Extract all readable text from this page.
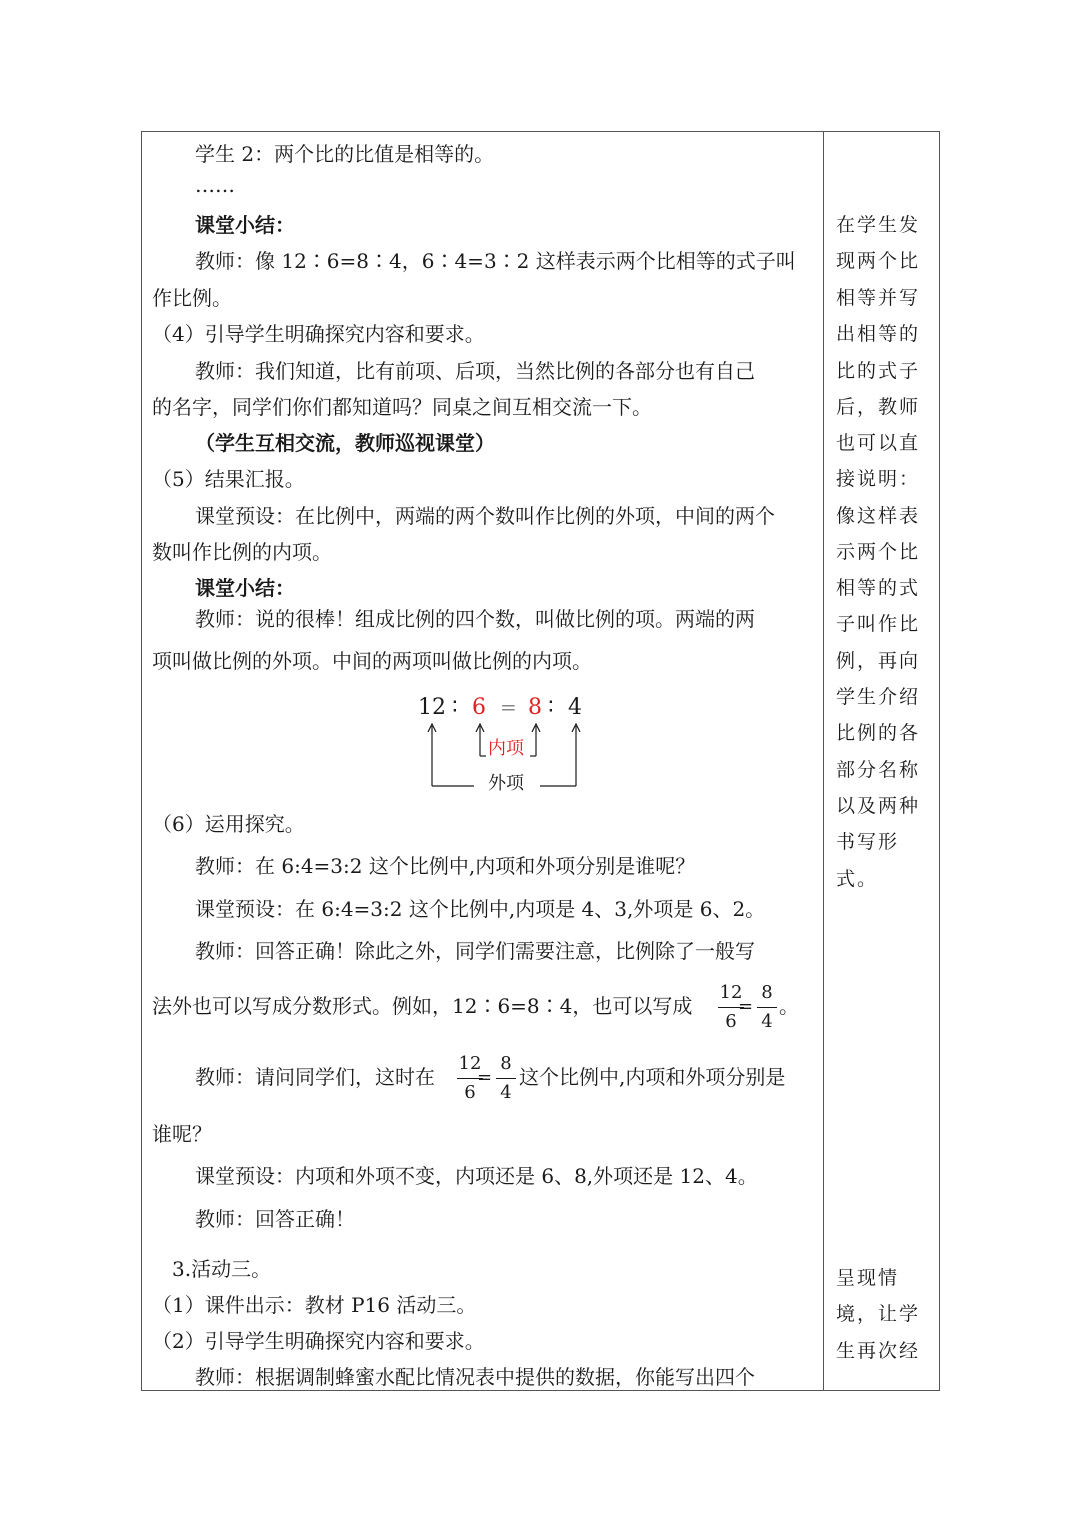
学生 2：两个比的比值是相等的。
……
课堂小结：
教师：像 12∶6=8∶4，6∶4=3∶2 这样表示两个比相等的式子叫
作比例。
（4）引导学生明确探究内容和要求。
教师：我们知道，比有前项、后项，当然比例的各部分也有自己
的名字，同学们你们都知道吗？同桌之间互相交流一下。
（学生互相交流，教师巡视课堂）
（5）结果汇报。
课堂预设：在比例中，两端的两个数叫作比例的外项，中间的两个
数叫作比例的内项。
课堂小结：
教师：说的很棒！组成比例的四个数，叫做比例的项。两端的两
项叫做比例的外项。中间的两项叫做比例的内项。
12 ∶ 6 = 8 ∶ 4
内项
外项
（6）运用探究。
教师：在 6:4=3:2 这个比例中,内项和外项分别是谁呢？
课堂预设：在 6:4=3:2 这个比例中,内项是 4、3,外项是 6、2。
教师：回答正确！除此之外，同学们需要注意，比例除了一般写
法外也可以写成分数形式。例如，12∶6=8∶4，也可以写成
12
6
=
8
4
。
教师：请问同学们，这时在
12
6
=
8
4
这个比例中,内项和外项分别是
谁呢？
课堂预设：内项和外项不变，内项还是 6、8,外项还是 12、4。
教师：回答正确！
3.活动三。
（1）课件出示：教材 P16 活动三。
（2）引导学生明确探究内容和要求。
教师：根据调制蜂蜜水配比情况表中提供的数据，你能写出四个
在学生发
现两个比
相等并写
出相等的
比的式子
后，教师
也可以直
接说明：
像这样表
示两个比
相等的式
子叫作比
例，再向
学生介绍
比例的各
部分名称
以及两种
书写形
式。
呈现情
境，让学
生再次经
